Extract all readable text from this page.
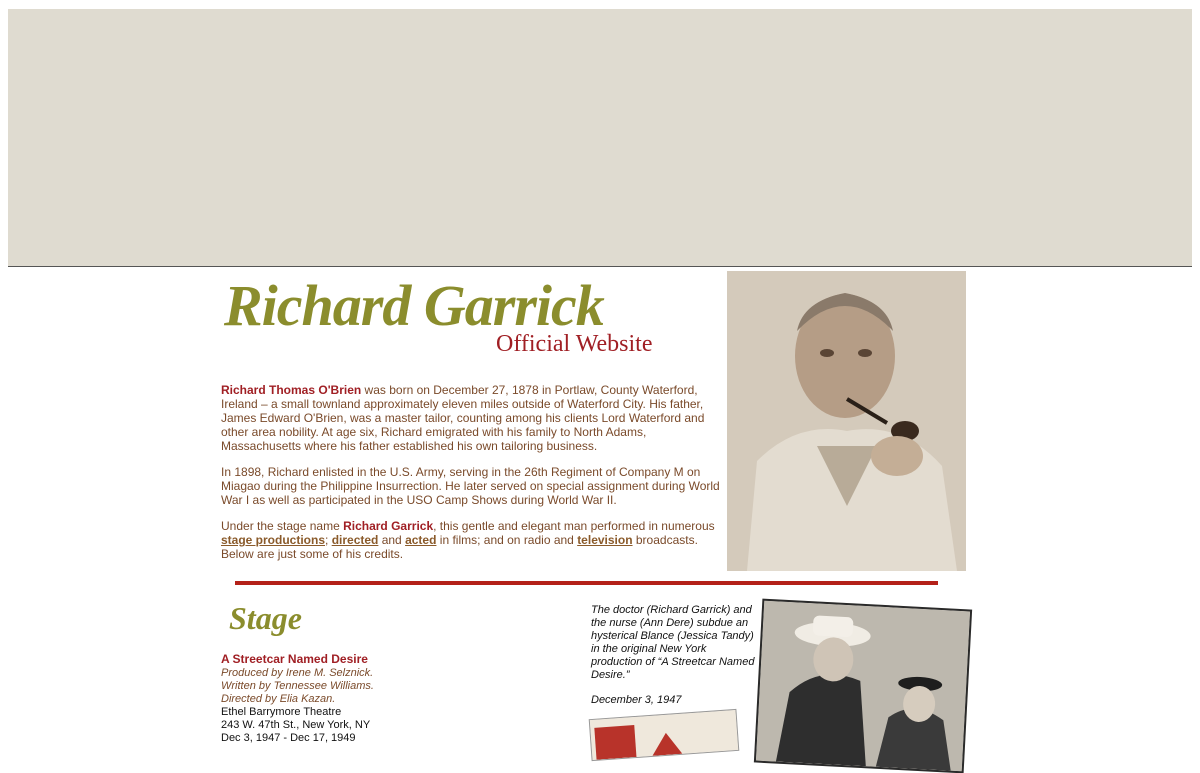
Richard Garrick
Official Website

Richard Thomas O'Brien was born on December 27, 1878 in Portlaw, County Waterford, Ireland – a small townland approximately eleven miles outside of Waterford City. His father, James Edward O'Brien, was a master tailor, counting among his clients Lord Waterford and other area nobility. At age six, Richard emigrated with his family to North Adams, Massachusetts where his father established his own tailoring business.

In 1898, Richard enlisted in the U.S. Army, serving in the 26th Regiment of Company M on Miagao during the Philippine Insurrection. He later served on special assignment during World War I as well as participated in the USO Camp Shows during World War II.

Under the stage name Richard Garrick, this gentle and elegant man performed in numerous stage productions; directed and acted in films; and on radio and television broadcasts. Below are just some of his credits.

Stage
A Streetcar Named Desire
Produced by Irene M. Selznick.
Written by Tennessee Williams.
Directed by Elia Kazan.
Ethel Barrymore Theatre
243 W. 47th St., New York, NY
Dec 3, 1947 - Dec 17, 1949
The doctor (Richard Garrick) and the nurse (Ann Dere) subdue an hysterical Blance (Jessica Tandy) in the original New York production of “A Streetcar Named Desire.”
December 3, 1947
